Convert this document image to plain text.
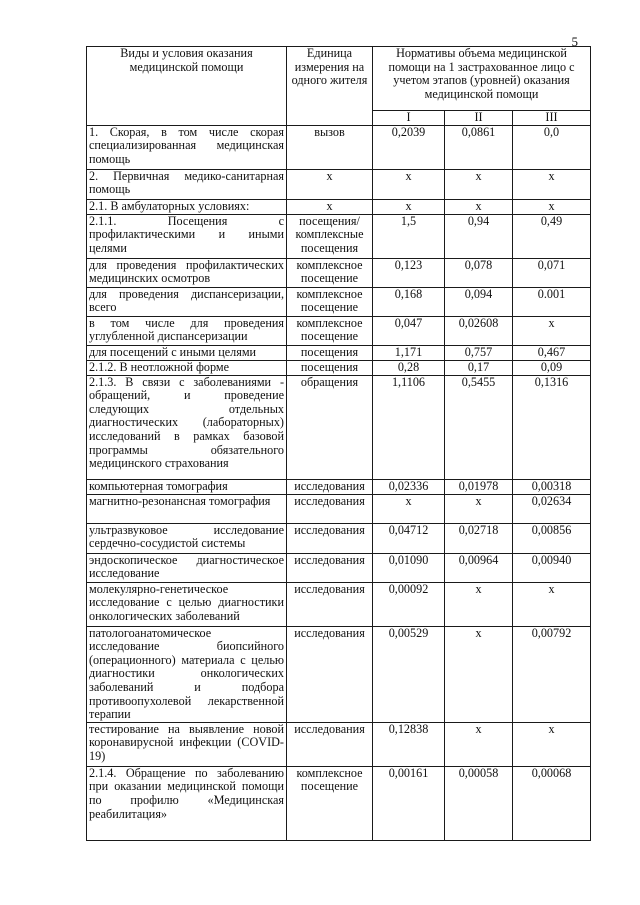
5
Виды и условия оказания медицинской помощи	Единица измерения на одного жителя	Нормативы объема медицинской помощи на 1 застрахованное лицо с учетом этапов (уровней) оказания медицинской помощи		
		I	II	III
1. Скорая, в том числе скорая специализированная медицинская помощь	вызов	0,2039	0,0861	0,0
2. Первичная медико-санитарная помощь	x	x	x	x
2.1. В амбулаторных условиях:	x	x	x	x
2.1.1. Посещения с профилактическими и иными целями	посещения/ комплексные посещения	1,5	0,94	0,49
для проведения профилактических медицинских осмотров	комплексное посещение	0,123	0,078	0,071
для проведения диспансеризации, всего	комплексное посещение	0,168	0,094	0.001
в том числе для проведения углубленной диспансеризации	комплексное посещение	0,047	0,02608	x
для посещений с иными целями	посещения	1,171	0,757	0,467
2.1.2. В неотложной форме	посещения	0,28	0,17	0,09
2.1.3. В связи с заболеваниями - обращений, и проведение следующих отдельных диагностических (лабораторных) исследований в рамках базовой программы обязательного медицинского страхования	обращения	1,1106	0,5455	0,1316
компьютерная томография	исследования	0,02336	0,01978	0,00318
магнитно-резонансная томография	исследования	x	x	0,02634
ультразвуковое исследование сердечно-сосудистой системы	исследования	0,04712	0,02718	0,00856
эндоскопическое диагностическое исследование	исследования	0,01090	0,00964	0,00940
молекулярно-генетическое исследование с целью диагностики онкологических заболеваний	исследования	0,00092	x	x
патологоанатомическое исследование биопсийного (операционного) материала с целью диагностики онкологических заболеваний и подбора противоопухолевой лекарственной терапии	исследования	0,00529	x	0,00792
тестирование на выявление новой коронавирусной инфекции (COVID-19)	исследования	0,12838	x	x
2.1.4. Обращение по заболеванию при оказании медицинской помощи по профилю «Медицинская реабилитация»	комплексное посещение	0,00161	0,00058	0,00068
